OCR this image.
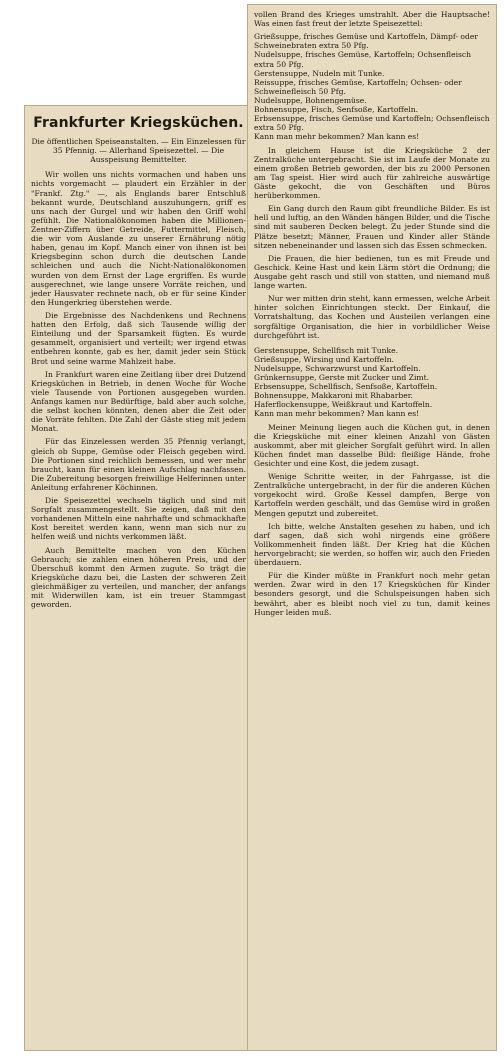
Frankfurter Kriegsküchen.
Die öffentlichen Speiseanstalten. — Ein Einzelessen für 35 Pfennig. — Allerhand Speisezettel. — Die Ausspeisung Bemittelter.

Wir wollen uns nichts vormachen und haben uns nichts vorgemacht — plaudert ein Erzähler in der "Frankf. Ztg." —, als Englands barer Entschluß bekannt wurde, Deutschland auszuhungern, griff es uns nach der Gurgel und wir haben den Griff wohl gefühlt. Die Nationalökonomen haben die Millionen-Zentner-Ziffern über Getreide, Futtermittel, Fleisch, die wir vom Auslande zu unserer Ernährung nötig haben, genau im Kopf. Manch einer von ihnen ist bei Kriegsbeginn schon durch die deutschen Lande schleichen und auch die Nicht-Nationalökonomen wurden von dem Ernst der Lage ergriffen. Es wurde ausgerechnet, wie lange unsere Vorräte reichen, und jeder Hausvater rechnete nach, ob er für seine Kinder den Hungerkrieg überstehen werde.

Die Ergebnisse des Nachdenkens und Rechnens hatten den Erfolg, daß sich Tausende willig der Einteilung und der Sparsamkeit fügten. Es wurde gesammelt, organisiert und verteilt; wer irgend etwas entbehren konnte, gab es her, damit jeder sein Stück Brot und seine warme Mahlzeit habe.

In Frankfurt waren eine Zeitlang über drei Dutzend Kriegsküchen in Betrieb, in denen Woche für Woche viele Tausende von Portionen ausgegeben wurden. Anfangs kamen nur Bedürftige, bald aber auch solche, die selbst kochen könnten, denen aber die Zeit oder die Vorräte fehlten. Die Zahl der Gäste stieg mit jedem Monat.

Für das Einzelessen werden 35 Pfennig verlangt, gleich ob Suppe, Gemüse oder Fleisch gegeben wird. Die Portionen sind reichlich bemessen, und wer mehr braucht, kann für einen kleinen Aufschlag nachfassen. Die Zubereitung besorgen freiwillige Helferinnen unter Anleitung erfahrener Köchinnen.

Die Speisezettel wechseln täglich und sind mit Sorgfalt zusammengestellt. Sie zeigen, daß mit den vorhandenen Mitteln eine nahrhafte und schmackhafte Kost bereitet werden kann, wenn man sich nur zu helfen weiß und nichts verkommen läßt.

Auch Bemittelte machen von den Küchen Gebrauch; sie zahlen einen höheren Preis, und der Überschuß kommt den Armen zugute. So trägt die Kriegsküche dazu bei, die Lasten der schweren Zeit gleichmäßiger zu verteilen, und mancher, der anfangs mit Widerwillen kam, ist ein treuer Stammgast geworden.

vollen Brand des Krieges umstrahlt. Aber die Hauptsache! Was einen fast freut der letzte Speisezettel:

Grießsuppe, frisches Gemüse und Kartoffeln, Dämpf- oder Schweinebraten extra 50 Pfg.
Nudelsuppe, frisches Gemüse, Kartoffeln; Ochsenfleisch extra 50 Pfg.
Gerstensuppe, Nudeln mit Tunke.
Reissuppe, frisches Gemüse, Kartoffeln; Ochsen- oder Schweinefleisch 50 Pfg.
Nudelsuppe, Bohnengemüse.
Bohnensuppe, Fisch, Senfsoße, Kartoffeln.
Erbsensuppe, frisches Gemüse und Kartoffeln; Ochsenfleisch extra 50 Pfg.
Kann man mehr bekommen? Man kann es!

In gleichem Hause ist die Kriegsküche 2 der Zentralküche untergebracht. Sie ist im Laufe der Monate zu einem großen Betrieb geworden, der bis zu 2000 Personen am Tag speist. Hier wird auch für zahlreiche auswärtige Gäste gekocht, die von Geschäften und Büros herüberkommen.

Ein Gang durch den Raum gibt freundliche Bilder. Es ist hell und luftig, an den Wänden hängen Bilder, und die Tische sind mit sauberen Decken belegt. Zu jeder Stunde sind die Plätze besetzt; Männer, Frauen und Kinder aller Stände sitzen nebeneinander und lassen sich das Essen schmecken.

Die Frauen, die hier bedienen, tun es mit Freude und Geschick. Keine Hast und kein Lärm stört die Ordnung; die Ausgabe geht rasch und still von statten, und niemand muß lange warten.

Nur wer mitten drin steht, kann ermessen, welche Arbeit hinter solchen Einrichtungen steckt. Der Einkauf, die Vorratshaltung, das Kochen und Austeilen verlangen eine sorgfältige Organisation, die hier in vorbildlicher Weise durchgeführt ist.

Gerstensuppe, Schellfisch mit Tunke.
Grießsuppe, Wirsing und Kartoffeln.
Nudelsuppe, Schwarzwurst und Kartoffeln.
Grünkernsuppe, Gerste mit Zucker und Zimt.
Erbsensuppe, Schellfisch, Senfsoße, Kartoffeln.
Bohnensuppe, Makkaroni mit Rhabarber.
Haferflockensuppe, Weißkraut und Kartoffeln.
Kann man mehr bekommen? Man kann es!

Meiner Meinung liegen auch die Küchen gut, in denen die Kriegsküche mit einer kleinen Anzahl von Gästen auskommt, aber mit gleicher Sorgfalt geführt wird. In allen Küchen findet man dasselbe Bild: fleißige Hände, frohe Gesichter und eine Kost, die jedem zusagt.

Wenige Schritte weiter, in der Fahrgasse, ist die Zentralküche untergebracht, in der für die anderen Küchen vorgekocht wird. Große Kessel dampfen, Berge von Kartoffeln werden geschält, und das Gemüse wird in großen Mengen geputzt und zubereitet.

Ich bitte, welche Anstalten gesehen zu haben, und ich darf sagen, daß sich wohl nirgends eine größere Vollkommenheit finden läßt. Der Krieg hat die Küchen hervorgebracht; sie werden, so hoffen wir, auch den Frieden überdauern.

Für die Kinder müßte in Frankfurt noch mehr getan werden. Zwar wird in den 17 Kriegsküchen für Kinder besonders gesorgt, und die Schulspeisungen haben sich bewährt, aber es bleibt noch viel zu tun, damit keines Hunger leiden muß.
